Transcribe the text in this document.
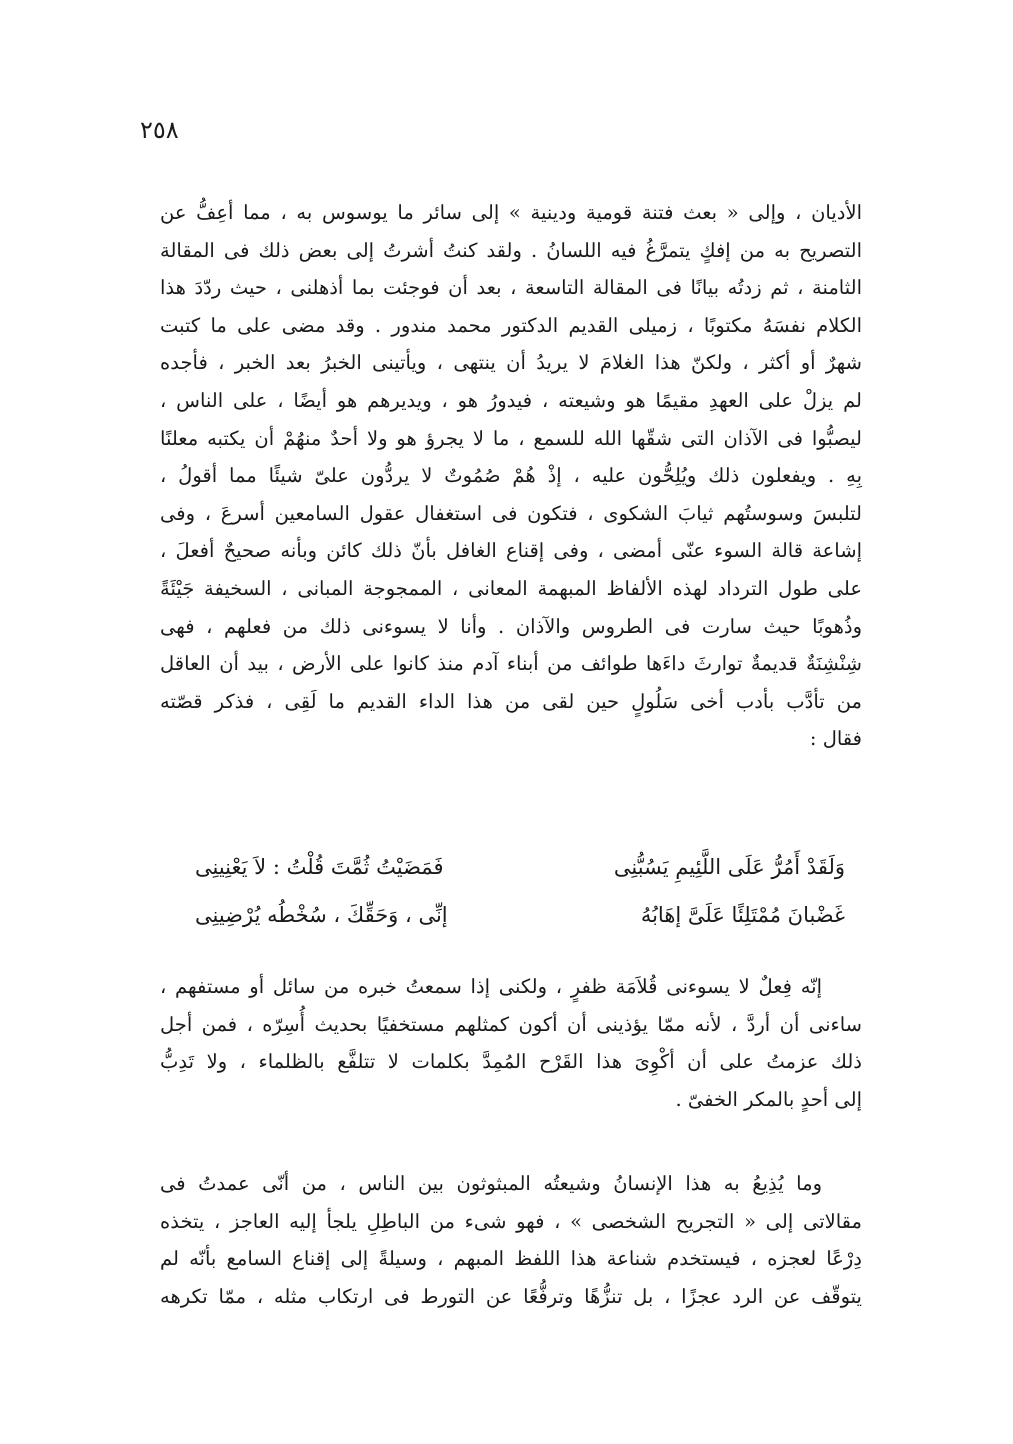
٢٥٨
الأديان ، وإلى « بعث فتنة قومية ودينية » إلى سائر ما يوسوس به ، مما أعِفُّ عن
التصريح به من إفكٍ يتمرَّغُ فيه اللسانُ . ولقد كنتُ أشرتُ إلى بعض ذلك فى المقالة
الثامنة ، ثم زدتُه بيانًا فى المقالة التاسعة ، بعد أن فوجئت بما أذهلنى ، حيث ردّدَ هذا
الكلام نفسَهُ مكتوبًا ، زميلى القديم الدكتور محمد مندور . وقد مضى على ما كتبت
شهرٌ أو أكثر ، ولكنّ هذا الغلامَ لا يريدُ أن ينتهى ، ويأتينى الخبرُ بعد الخبر ، فأجده
لم يزلْ على العهدِ مقيمًا هو وشيعته ، فيدورُ هو ، ويديرهم هو أيضًا ، على الناس ،
ليصبُّوا فى الآذان التى شقّها الله للسمع ، ما لا يجرؤ هو ولا أحدٌ منهُمْ أن يكتبه معلنًا
بِهِ . ويفعلون ذلك ويُلِحُّون عليه ، إذْ هُمْ صُمُوتٌ لا يردُّون علىّ شيئًا مما أقولُ ،
لتلبسَ وسوستُهم ثيابَ الشكوى ، فتكون فى استغفال عقول السامعين أسرعَ ، وفى
إشاعة قالة السوء عنّى أمضى ، وفى إقناع الغافل بأنّ ذلك كائن وبأنه صحيحٌ أفعلَ ،
على طول الترداد لهذه الألفاظ المبهمة المعانى ، الممجوجة المبانى ، السخيفة جَيْئَةً
وذُهوبًا حيث سارت فى الطروس والآذان . وأنا لا يسوءنى ذلك من فعلهم ، فهى
شِنْشِنَةٌ قديمةٌ توارثَ داءَها طوائف من أبناء آدم منذ كانوا على الأرض ، بيد أن العاقل
من تأدَّب بأدب أخى سَلُولٍ حين لقى من هذا الداء القديم ما لَقِى ، فذكر قصّته
فقال :
وَلَقَدْ أَمُرُّ عَلَى اللَّئِيمِ يَسُبُّنِى
فَمَضَيْتُ ثُمَّتَ قُلْتُ : لاَ يَعْنِينِى
غَضْبانَ مُمْتَلِئًا عَلَىَّ إهَابُهُ
إنِّى ، وَحَقِّكَ ، سُخْطُه يُرْضِينِى
إنّه فِعلٌ لا يسوءنى قُلاَمَة ظفرٍ ، ولكنى إذا سمعتُ خبره من سائل أو مستفهم ،
ساءنى أن أردَّ ، لأنه ممّا يؤذينى أن أكون كمثلهم مستخفيًا بحديث أُسِرّه ، فمن أجل
ذلك عزمتُ على أن أكْوِىَ هذا القَرْح المُمِدَّ بكلمات لا تتلفَّع بالظلماء ، ولا تَدِبُّ
إلى أحدٍ بالمكر الخفىّ .
وما يُذِيعُ به هذا الإنسانُ وشيعتُه المبثوثون بين الناس ، من أنّى عمدتُ فى
مقالاتى إلى « التجريح الشخصى » ، فهو شىء من الباطِلِ يلجأ إليه العاجز ، يتخذه
دِرْعًا لعجزه ، فيستخدم شناعة هذا اللفظ المبهم ، وسيلةً إلى إقناع السامع بأنّه لم
يتوقّف عن الرد عجزًا ، بل تنزُّهًا وترفُّعًا عن التورط فى ارتكاب مثله ، ممّا تكرهه
